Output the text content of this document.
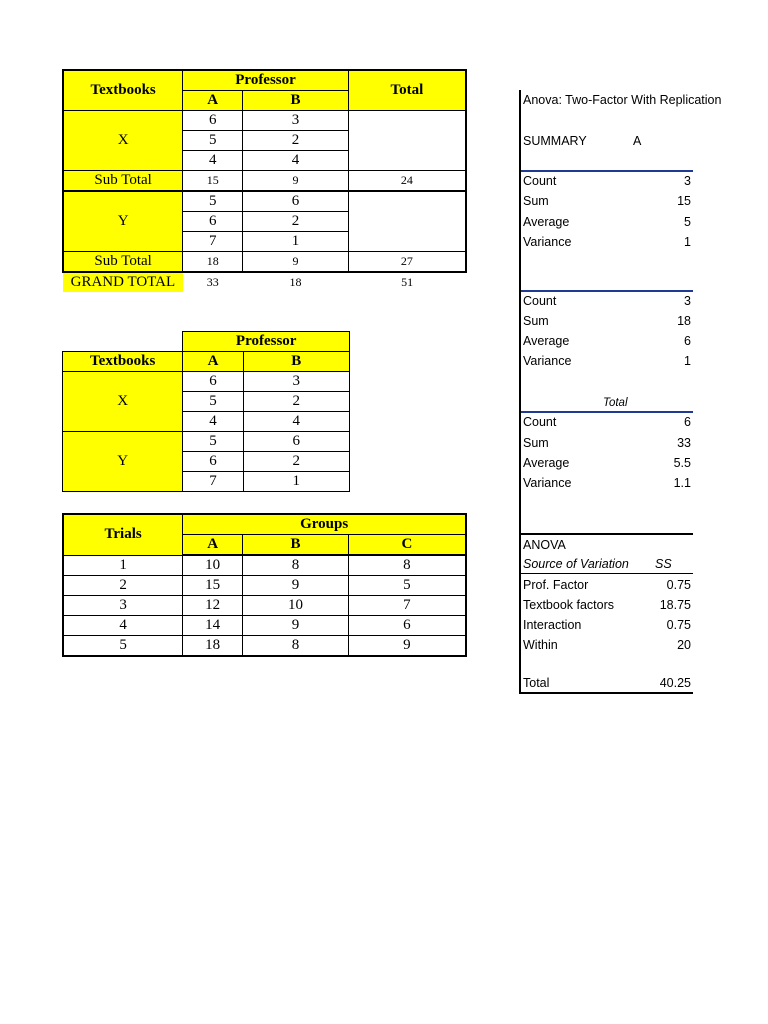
Textbooks	Professor		Total
	A	B	
X	6	3	
	5	2	
	4	4	
Sub Total	15	9	24
Y	5	6	
	6	2	
	7	1	
Sub Total	18	9	27
GRAND TOTAL	33	18	51
	Professor	
Textbooks	A	B
X	6	3
	5	2
	4	4
Y	5	6
	6	2
	7	1
Trials	Groups		
	A	B	C
1	10	8	8
2	15	9	5
3	12	10	7
4	14	9	6
5	18	8	9
Anova: Two-Factor With Replication
SUMMARY	A
Count	3
Sum	15
Average	5
Variance	1
Count	3
Sum	18
Average	6
Variance	1
Total
Count	6
Sum	33
Average	5.5
Variance	1.1
ANOVA
Source of Variation SS
Prof. Factor	0.75
Textbook factors	18.75
Interaction	0.75
Within	20
Total	40.25
